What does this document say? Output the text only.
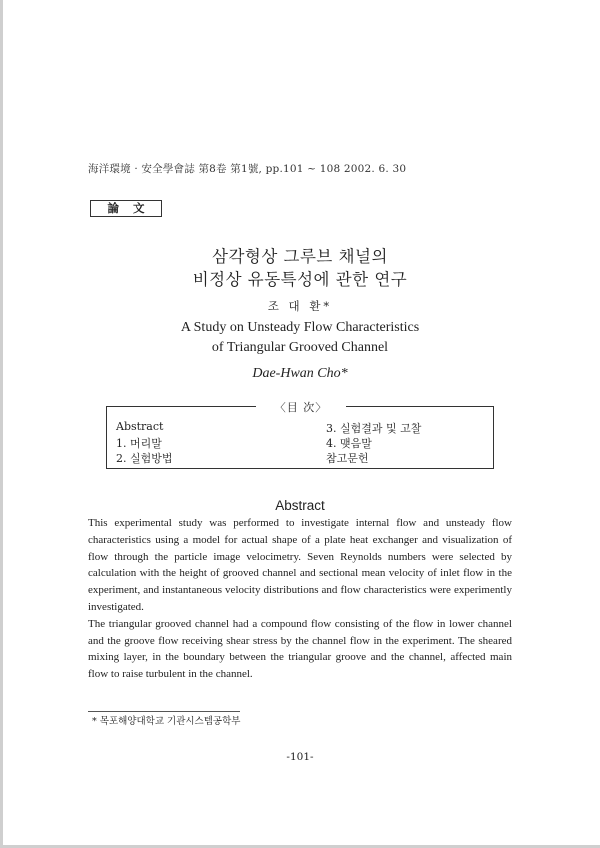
海洋環境 · 安全學會誌 第8卷 第1號, pp.101 ~ 108 2002. 6. 30
論文
삼각형상 그루브 채널의
비정상 유동특성에 관한 연구
조 대 환*
A Study on Unsteady Flow Characteristics
of Triangular Grooved Channel
Dae-Hwan Cho*
〈目 次〉
Abstract
1. 머리말
2. 실험방법
3. 실험결과 및 고찰
4. 맺음말
참고문헌
Abstract

This experimental study was performed to investigate internal flow and unsteady flow characteristics using a model for actual shape of a plate heat exchanger and visualization of flow through the particle image velocimetry. Seven Reynolds numbers were selected by calculation with the height of grooved channel and sectional mean velocity of inlet flow in the experiment, and instantaneous velocity distributions and flow characteristics were experimently investigated.

The triangular grooved channel had a compound flow consisting of the flow in lower channel and the groove flow receiving shear stress by the channel flow in the experiment. The sheared mixing layer, in the boundary between the triangular groove and the channel, affected main flow to raise turbulent in the channel.

* 목포해양대학교 기관시스템공학부
-101-
